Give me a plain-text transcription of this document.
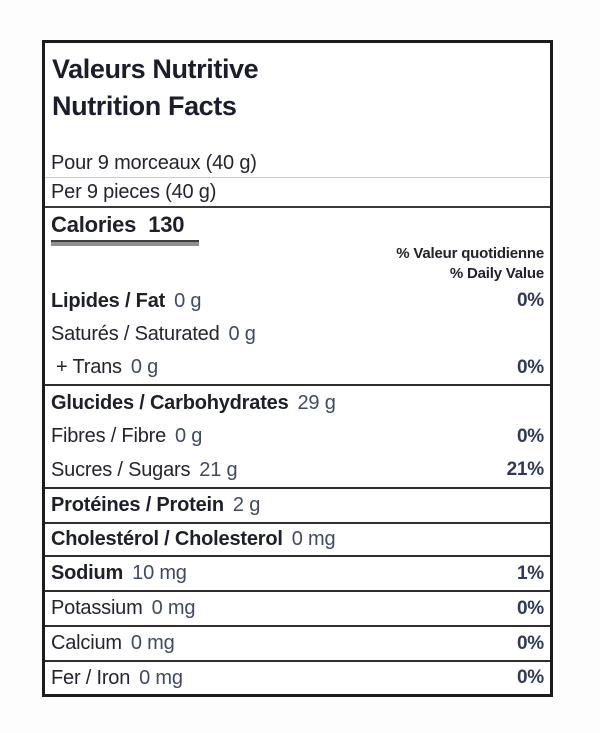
Valeurs Nutritive
Nutrition Facts
Pour 9 morceaux (40 g)
Per 9 pieces (40 g)
Calories 130
% Valeur quotidienne
% Daily Value
Lipides / Fat 0 g	0%
Saturés / Saturated 0 g
+ Trans 0 g	0%
Glucides / Carbohydrates 29 g
Fibres / Fibre 0 g	0%
Sucres / Sugars 21 g	21%
Protéines / Protein 2 g
Cholestérol / Cholesterol 0 mg
Sodium 10 mg	1%
Potassium 0 mg	0%
Calcium 0 mg	0%
Fer / Iron 0 mg	0%
